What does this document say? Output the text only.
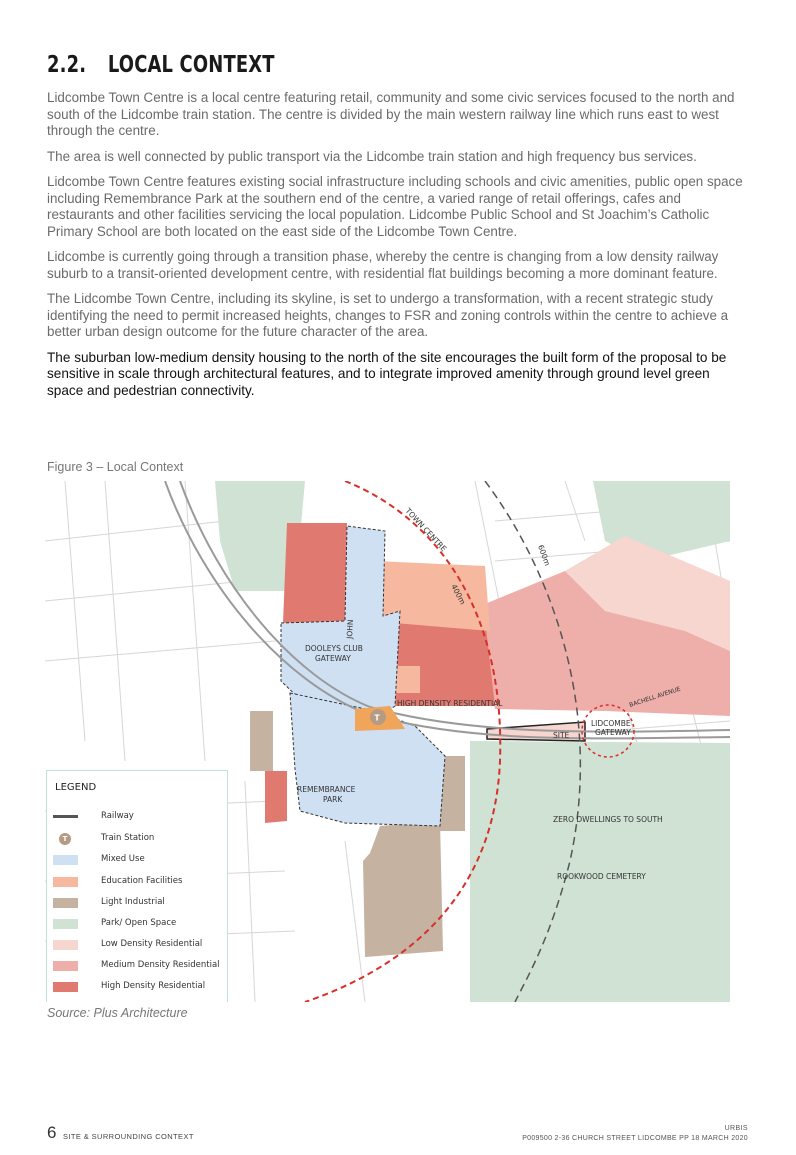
2.2. LOCAL CONTEXT

Lidcombe Town Centre is a local centre featuring retail, community and some civic services focused to the north and south of the Lidcombe train station. The centre is divided by the main western railway line which runs east to west through the centre.

The area is well connected by public transport via the Lidcombe train station and high frequency bus services.

Lidcombe Town Centre features existing social infrastructure including schools and civic amenities, public open space including Remembrance Park at the southern end of the centre, a varied range of retail offerings, cafes and restaurants and other facilities servicing the local population. Lidcombe Public School and St Joachim’s Catholic Primary School are both located on the east side of the Lidcombe Town Centre.

Lidcombe is currently going through a transition phase, whereby the centre is changing from a low density railway suburb to a transit-oriented development centre, with residential flat buildings becoming a more dominant feature.

The Lidcombe Town Centre, including its skyline, is set to undergo a transformation, with a recent strategic study identifying the need to permit increased heights, changes to FSR and zoning controls within the centre to achieve a better urban design outcome for the future character of the area.

The suburban low-medium density housing to the north of the site encourages the built form of the proposal to be sensitive in scale through architectural features, and to integrate improved amenity through ground level green space and pedestrian connectivity.

Figure 3 – Local Context

T
TOWN CENTRE
400m
600m
DOOLEYS CLUB
GATEWAY
JOHN
HIGH DENSITY RESIDENTIAL
SITE
LIDCOMBE
GATEWAY
BACHELL AVENUE
REMEMBRANCE
PARK
ZERO DWELLINGS TO SOUTH
ROOKWOOD CEMETERY

LEGEND

Railway
T	Train Station
Mixed Use
Education Facilities
Light Industrial
Park/ Open Space
Low Density Residential
Medium Density Residential
High Density Residential

Source: Plus Architecture

6 SITE & SURROUNDING CONTEXT

URBIS

P009500 2-36 CHURCH STREET LIDCOMBE PP 18 MARCH 2020
